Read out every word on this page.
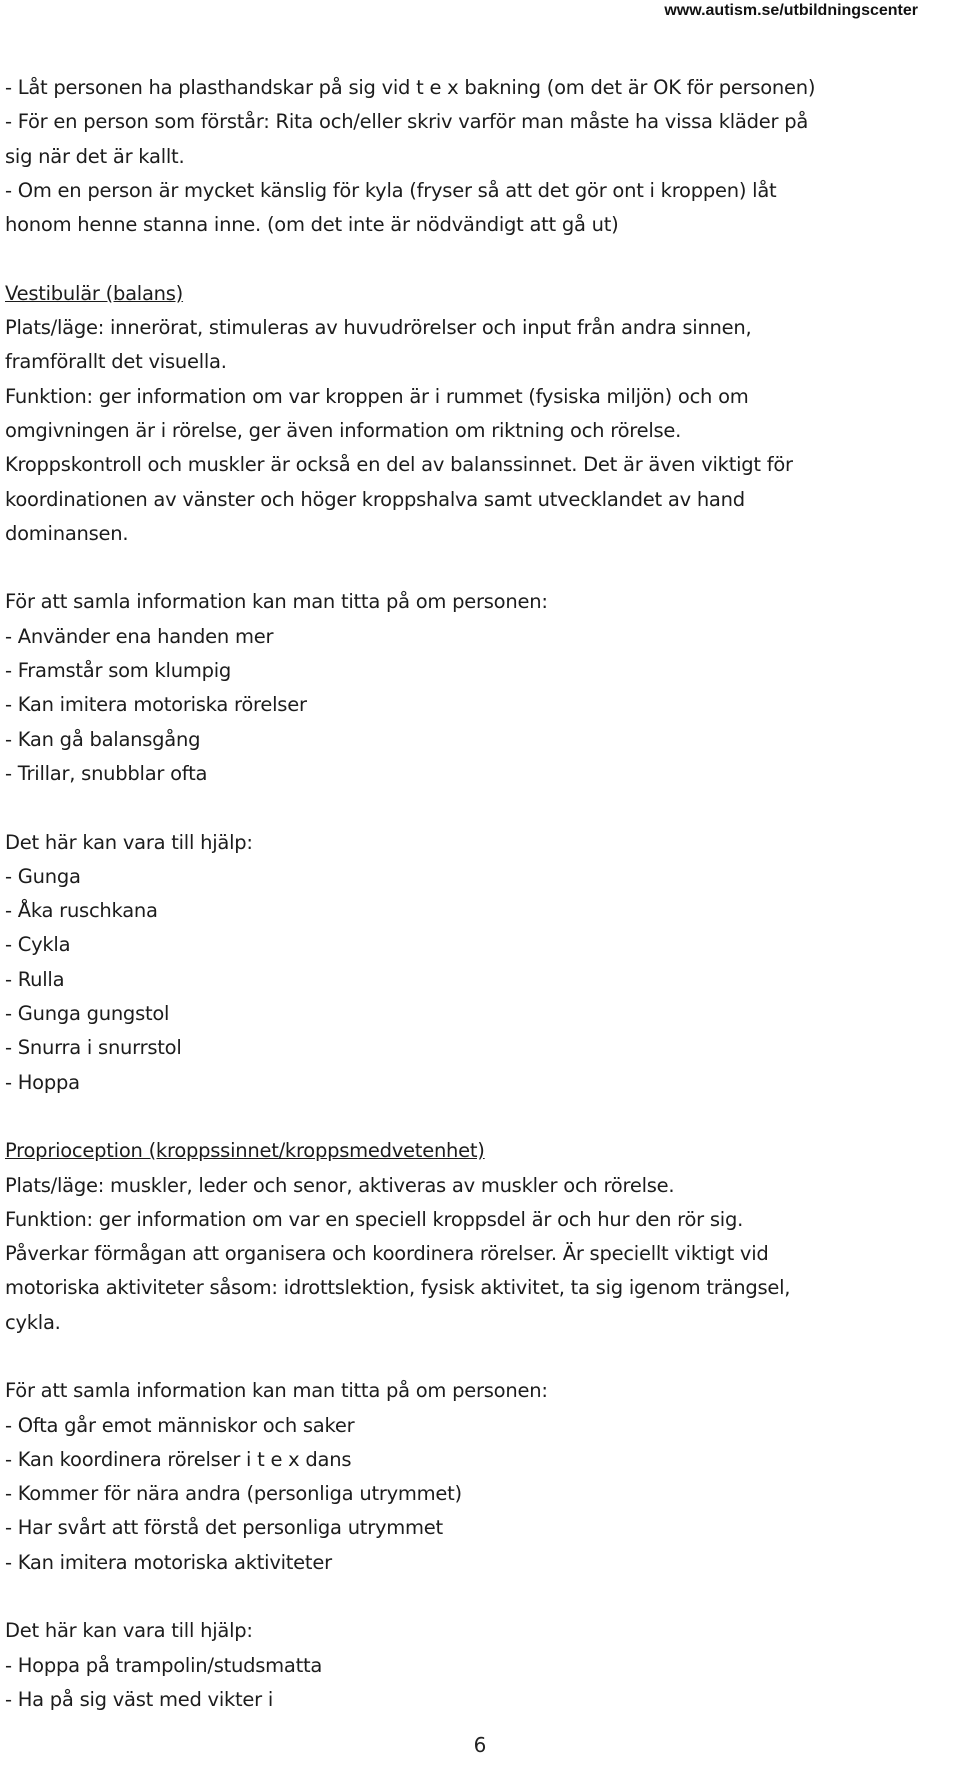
www.autism.se/utbildningscenter
- Låt personen ha plasthandskar på sig vid t e x bakning (om det är OK för personen)
- För en person som förstår: Rita och/eller skriv varför man måste ha vissa kläder på
sig när det är kallt.
- Om en person är mycket känslig för kyla (fryser så att det gör ont i kroppen) låt
honom henne stanna inne. (om det inte är nödvändigt att gå ut)
Vestibulär (balans)
Plats/läge: innerörat, stimuleras av huvudrörelser och input från andra sinnen,
framförallt det visuella.
Funktion: ger information om var kroppen är i rummet (fysiska miljön) och om
omgivningen är i rörelse, ger även information om riktning och rörelse.
Kroppskontroll och muskler är också en del av balanssinnet. Det är även viktigt för
koordinationen av vänster och höger kroppshalva samt utvecklandet av hand
dominansen.
För att samla information kan man titta på om personen:
- Använder ena handen mer
- Framstår som klumpig
- Kan imitera motoriska rörelser
- Kan gå balansgång
- Trillar, snubblar ofta
Det här kan vara till hjälp:
- Gunga
- Åka ruschkana
- Cykla
- Rulla
- Gunga gungstol
- Snurra i snurrstol
- Hoppa
Proprioception (kroppssinnet/kroppsmedvetenhet)
Plats/läge: muskler, leder och senor, aktiveras av muskler och rörelse.
Funktion: ger information om var en speciell kroppsdel är och hur den rör sig.
Påverkar förmågan att organisera och koordinera rörelser. Är speciellt viktigt vid
motoriska aktiviteter såsom: idrottslektion, fysisk aktivitet, ta sig igenom trängsel,
cykla.
För att samla information kan man titta på om personen:
- Ofta går emot människor och saker
- Kan koordinera rörelser i t e x dans
- Kommer för nära andra (personliga utrymmet)
- Har svårt att förstå det personliga utrymmet
- Kan imitera motoriska aktiviteter
Det här kan vara till hjälp:
- Hoppa på trampolin/studsmatta
- Ha på sig väst med vikter i
6
